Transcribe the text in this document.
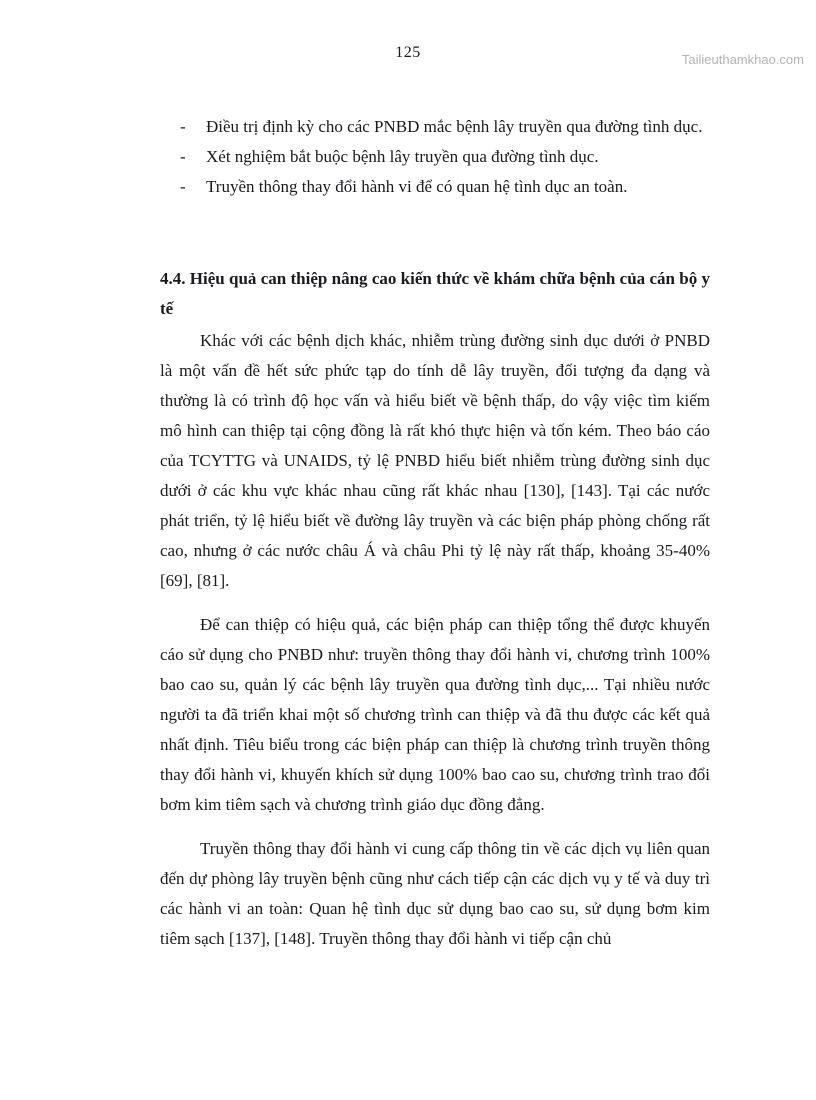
Tailieuthamkhao.com
125
-	Điều trị định kỳ cho các PNBD mắc bệnh lây truyền qua đường tình dục.
-	Xét nghiệm bắt buộc bệnh lây truyền qua đường tình dục.
-	Truyền thông thay đổi hành vi để có quan hệ tình dục an toàn.
4.4. Hiệu quả can thiệp nâng cao kiến thức về khám chữa bệnh của cán bộ y tế

Khác với các bệnh dịch khác, nhiễm trùng đường sinh dục dưới ở PNBD là một vấn đề hết sức phức tạp do tính dễ lây truyền, đối tượng đa dạng và thường là có trình độ học vấn và hiểu biết về bệnh thấp, do vậy việc tìm kiếm mô hình can thiệp tại cộng đồng là rất khó thực hiện và tốn kém. Theo báo cáo của TCYTTG và UNAIDS, tỷ lệ PNBD hiểu biết nhiễm trùng đường sinh dục dưới ở các khu vực khác nhau cũng rất khác nhau [130], [143]. Tại các nước phát triển, tỷ lệ hiểu biết về đường lây truyền và các biện pháp phòng chống rất cao, nhưng ở các nước châu Á và châu Phi tỷ lệ này rất thấp, khoảng 35-40% [69], [81].

Để can thiệp có hiệu quả, các biện pháp can thiệp tổng thể được khuyến cáo sử dụng cho PNBD như: truyền thông thay đổi hành vi, chương trình 100% bao cao su, quản lý các bệnh lây truyền qua đường tình dục,... Tại nhiều nước người ta đã triển khai một số chương trình can thiệp và đã thu được các kết quả nhất định. Tiêu biểu trong các biện pháp can thiệp là chương trình truyền thông thay đổi hành vi, khuyến khích sử dụng 100% bao cao su, chương trình trao đổi bơm kim tiêm sạch và chương trình giáo dục đồng đẳng.

Truyền thông thay đổi hành vi cung cấp thông tin về các dịch vụ liên quan đến dự phòng lây truyền bệnh cũng như cách tiếp cận các dịch vụ y tế và duy trì các hành vi an toàn: Quan hệ tình dục sử dụng bao cao su, sử dụng bơm kim tiêm sạch [137], [148]. Truyền thông thay đổi hành vi tiếp cận chủ
